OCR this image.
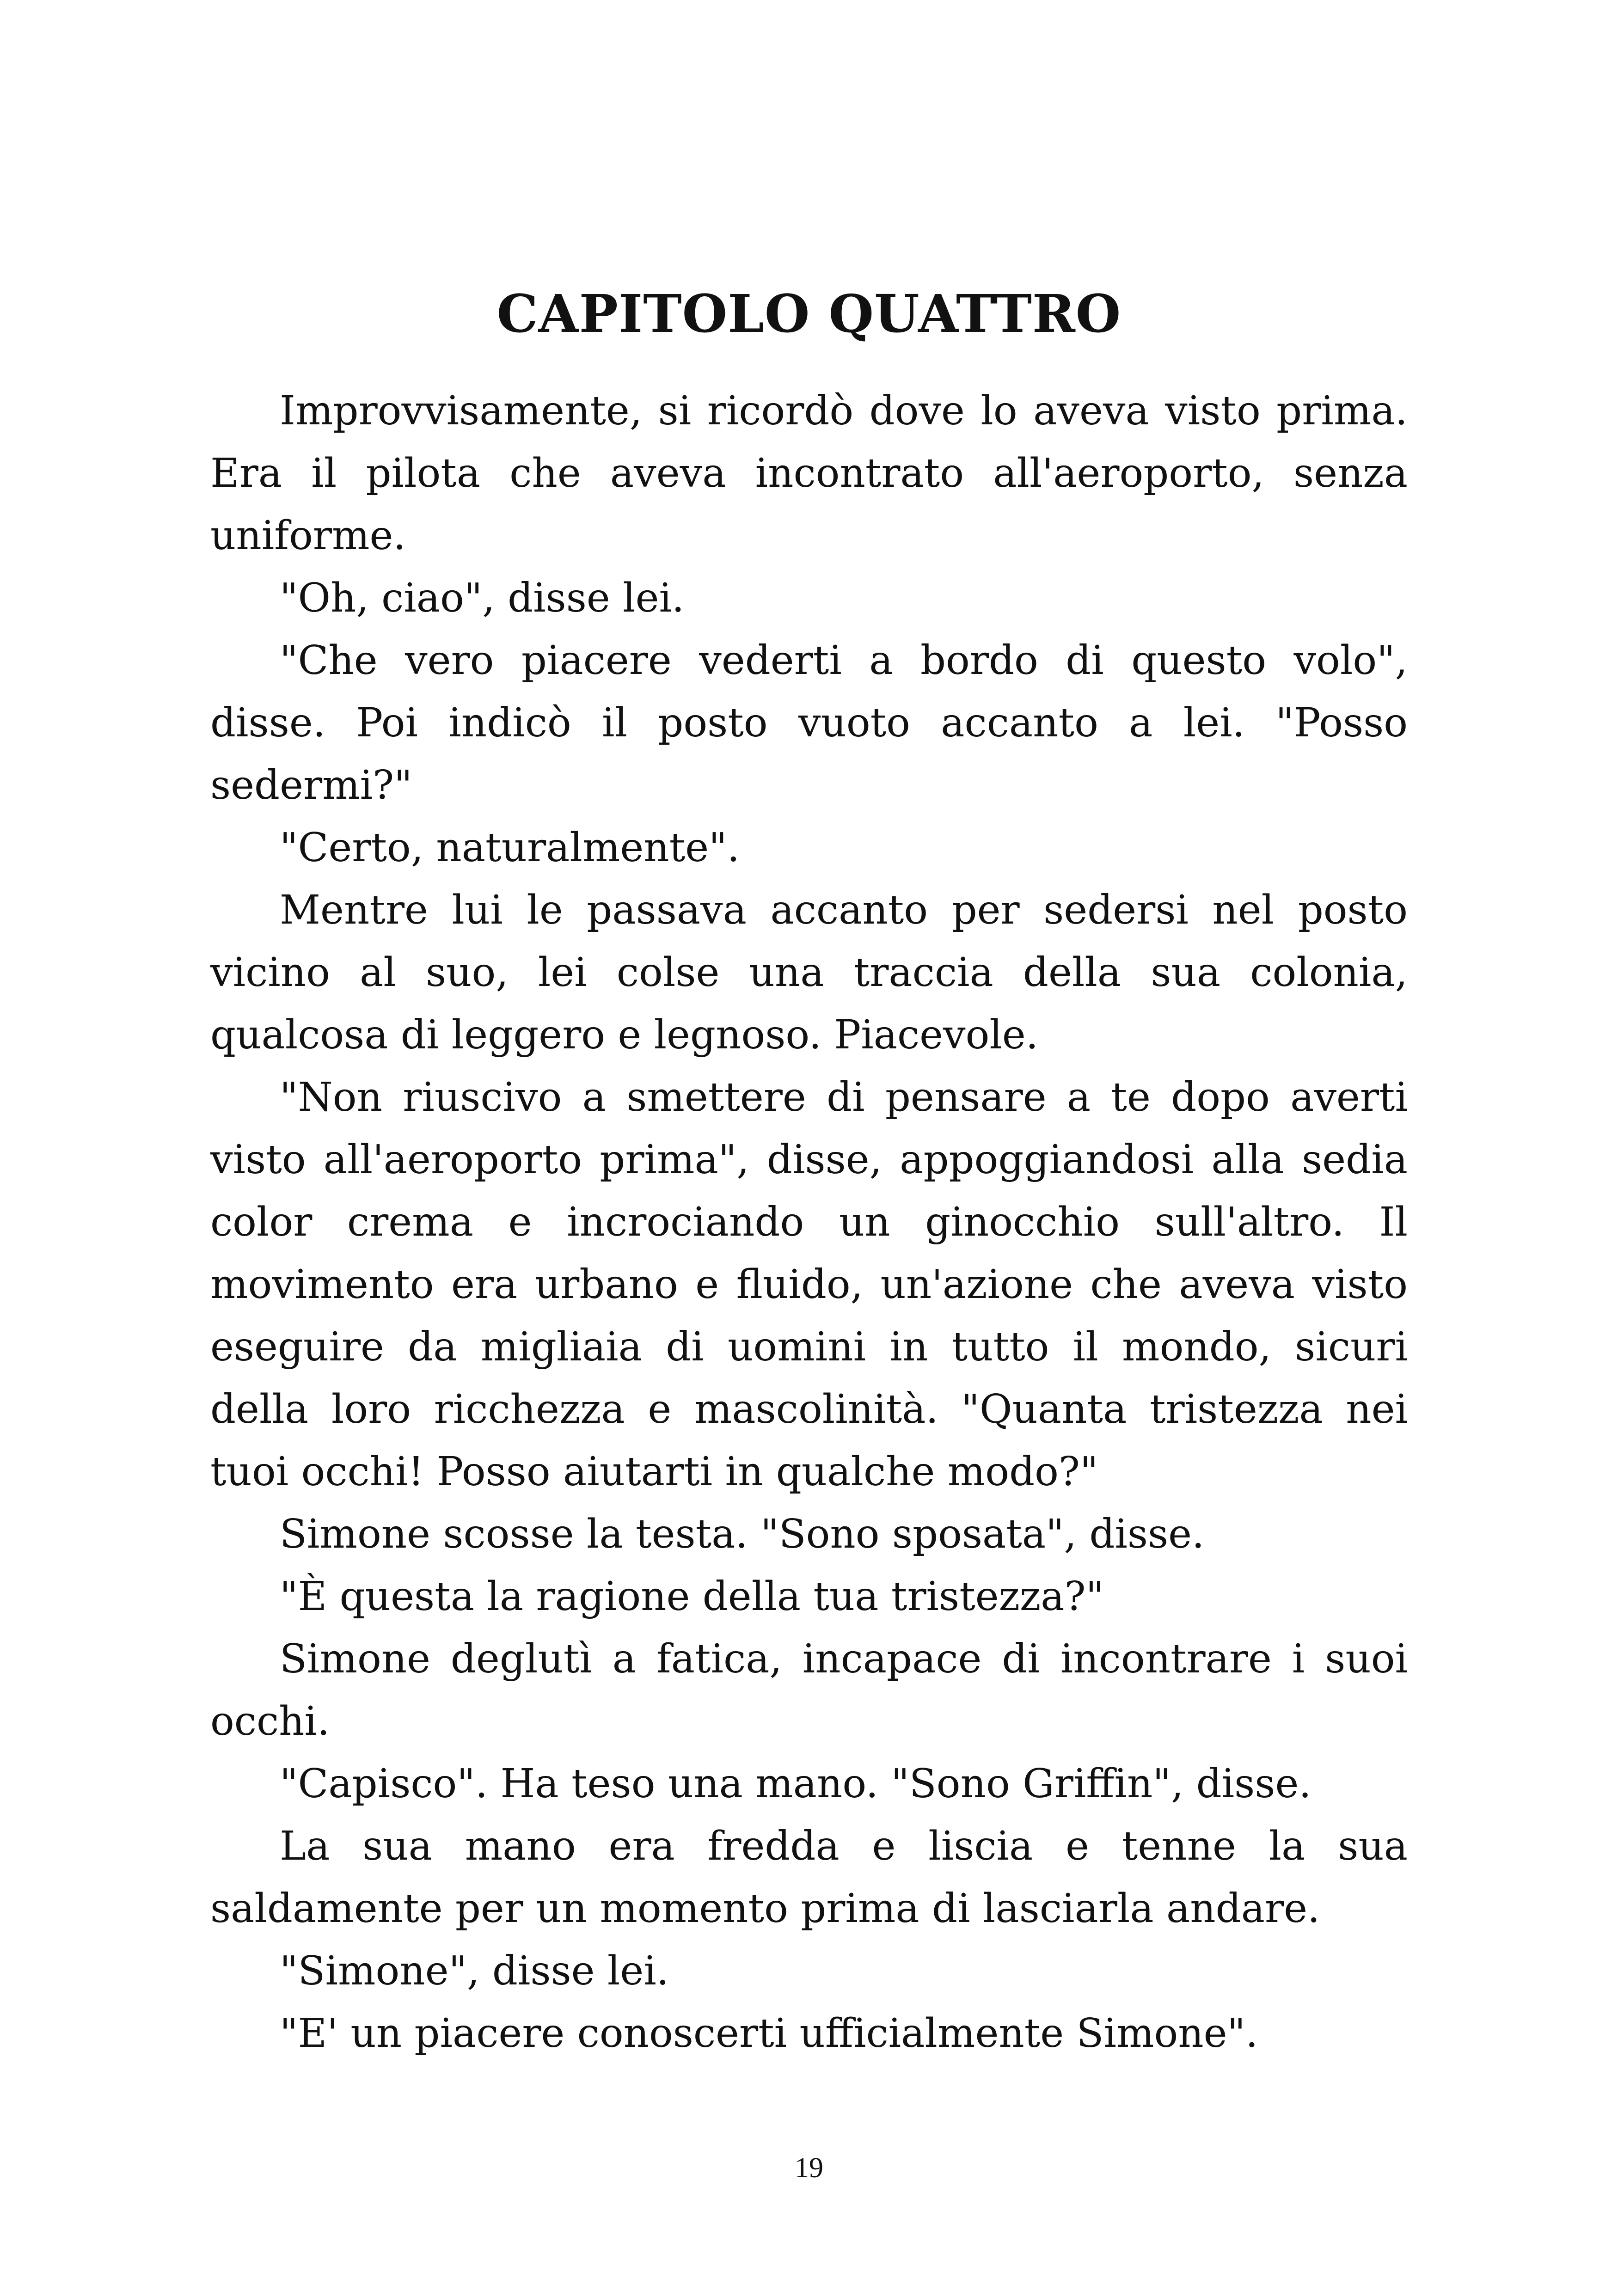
CAPITOLO QUATTRO

Improvvisamente, si ricordò dove lo aveva visto prima. Era il pilota che aveva incontrato all'aeroporto, senza uniforme.

"Oh, ciao", disse lei.

"Che vero piacere vederti a bordo di questo volo", disse. Poi indicò il posto vuoto accanto a lei. "Posso sedermi?"

"Certo, naturalmente".

Mentre lui le passava accanto per sedersi nel posto vicino al suo, lei colse una traccia della sua colonia, qualcosa di leggero e legnoso. Piacevole.

"Non riuscivo a smettere di pensare a te dopo averti visto all'aeroporto prima", disse, appoggiandosi alla sedia color crema e incrociando un ginocchio sull'altro. Il movimento era urbano e fluido, un'azione che aveva visto eseguire da migliaia di uomini in tutto il mondo, sicuri della loro ricchezza e mascolinità. "Quanta tristezza nei tuoi occhi! Posso aiutarti in qualche modo?"

Simone scosse la testa. "Sono sposata", disse.

"È questa la ragione della tua tristezza?"

Simone deglutì a fatica, incapace di incontrare i suoi occhi.

"Capisco". Ha teso una mano. "Sono Griffin", disse.

La sua mano era fredda e liscia e tenne la sua saldamente per un momento prima di lasciarla andare.

"Simone", disse lei.

"E' un piacere conoscerti ufficialmente Simone".

19
